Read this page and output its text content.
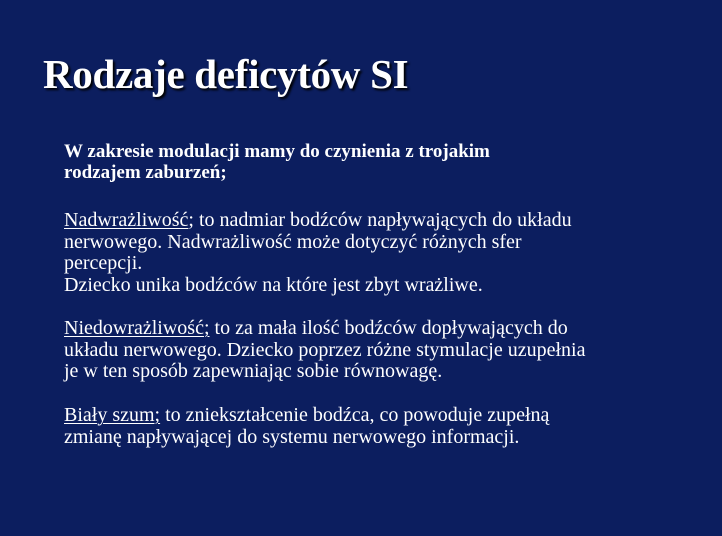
Rodzaje deficytów SI

W zakresie modulacji mamy do czynienia z trojakim
rodzajem zaburzeń;

Nadwrażliwość; to nadmiar bodźców napływających do układu
nerwowego. Nadwrażliwość może dotyczyć różnych sfer
percepcji.
Dziecko unika bodźców na które jest zbyt wrażliwe.

Niedowrażliwość; to za mała ilość bodźców dopływających do
układu nerwowego. Dziecko poprzez różne stymulacje uzupełnia
je w ten sposób zapewniając sobie równowagę.

Biały szum; to zniekształcenie bodźca, co powoduje zupełną
zmianę napływającej do systemu nerwowego informacji.
